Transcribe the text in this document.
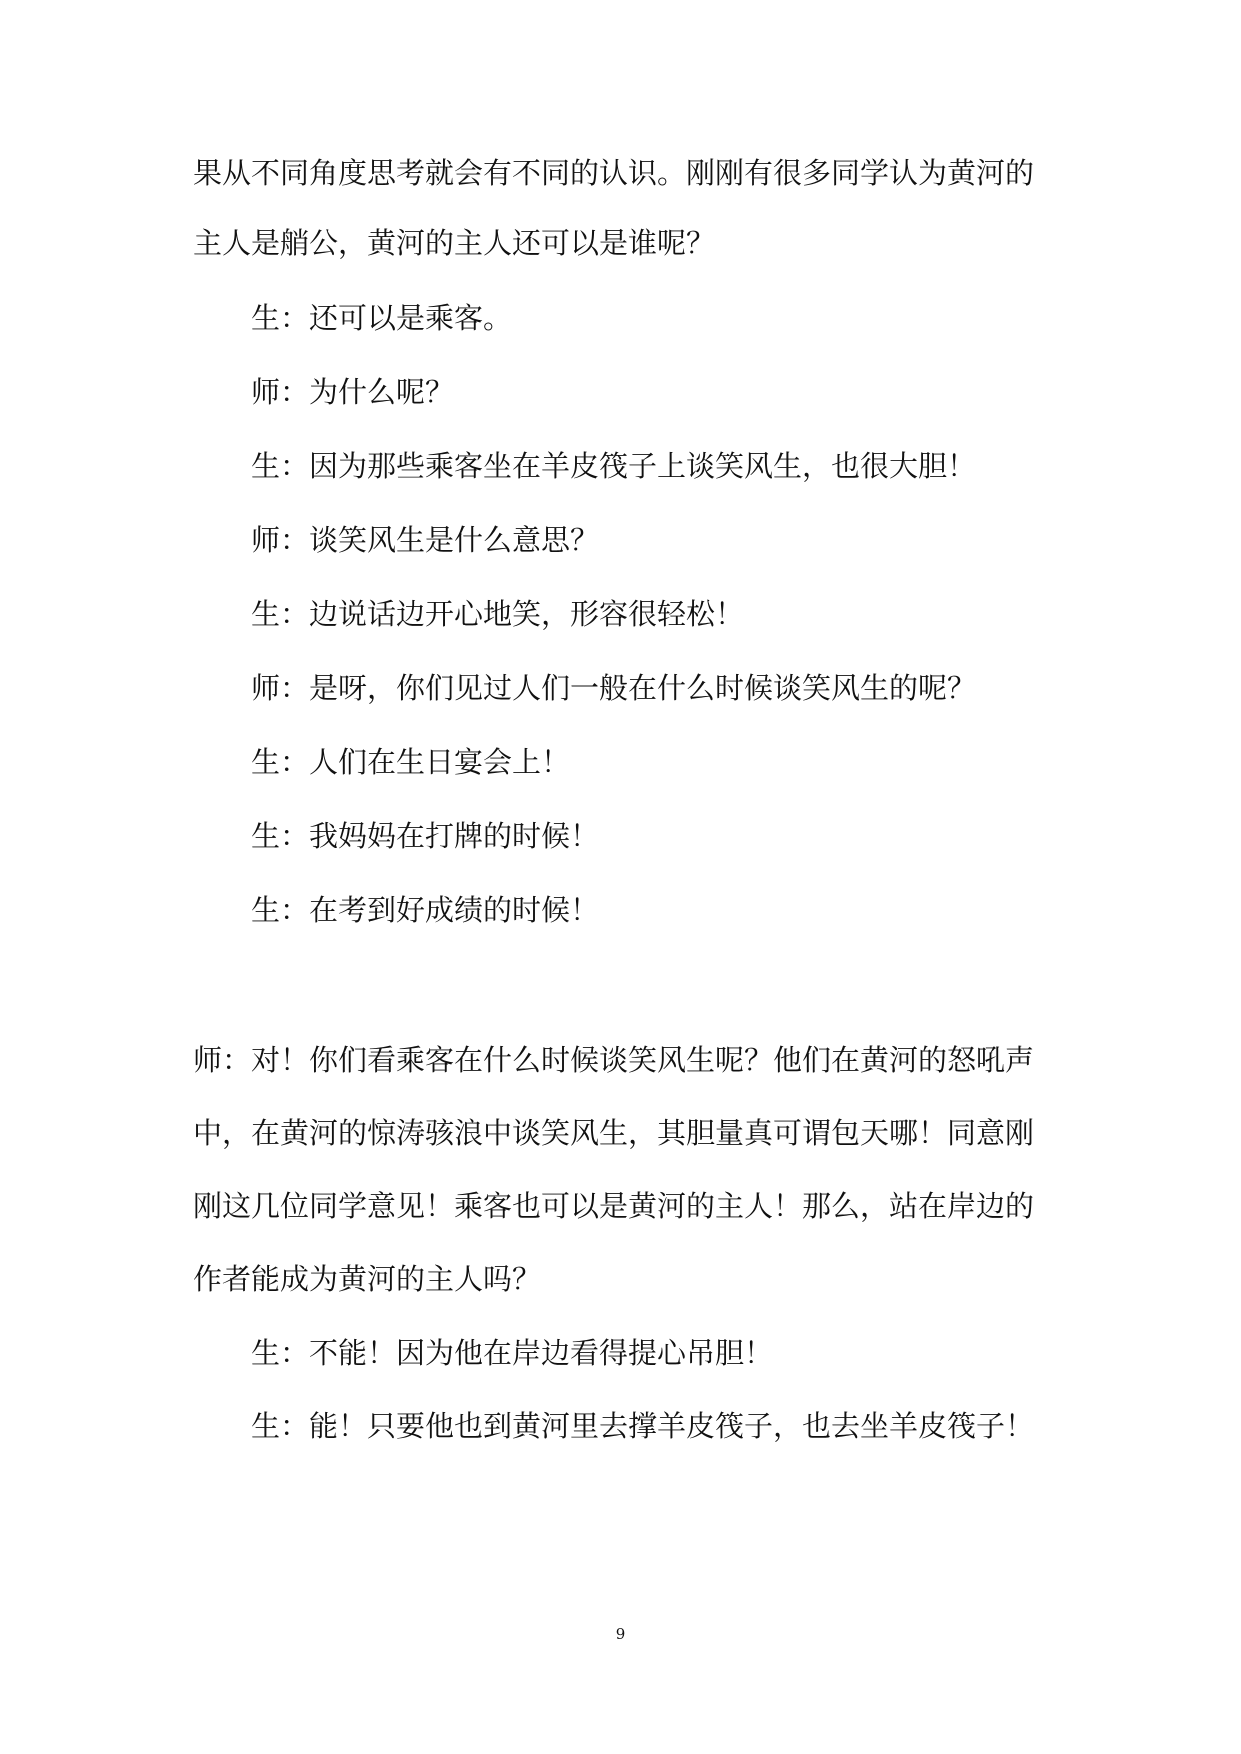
果从不同角度思考就会有不同的认识。刚刚有很多同学认为黄河的
主人是艄公，黄河的主人还可以是谁呢？
生：还可以是乘客。
师：为什么呢？
生：因为那些乘客坐在羊皮筏子上谈笑风生，也很大胆！
师：谈笑风生是什么意思？
生：边说话边开心地笑，形容很轻松！
师：是呀，你们见过人们一般在什么时候谈笑风生的呢？
生：人们在生日宴会上！
生：我妈妈在打牌的时候！
生：在考到好成绩的时候！
师：对！你们看乘客在什么时候谈笑风生呢？他们在黄河的怒吼声
中，在黄河的惊涛骇浪中谈笑风生，其胆量真可谓包天哪！同意刚
刚这几位同学意见！乘客也可以是黄河的主人！那么，站在岸边的
作者能成为黄河的主人吗？
生：不能！因为他在岸边看得提心吊胆！
生：能！只要他也到黄河里去撑羊皮筏子，也去坐羊皮筏子！
9
